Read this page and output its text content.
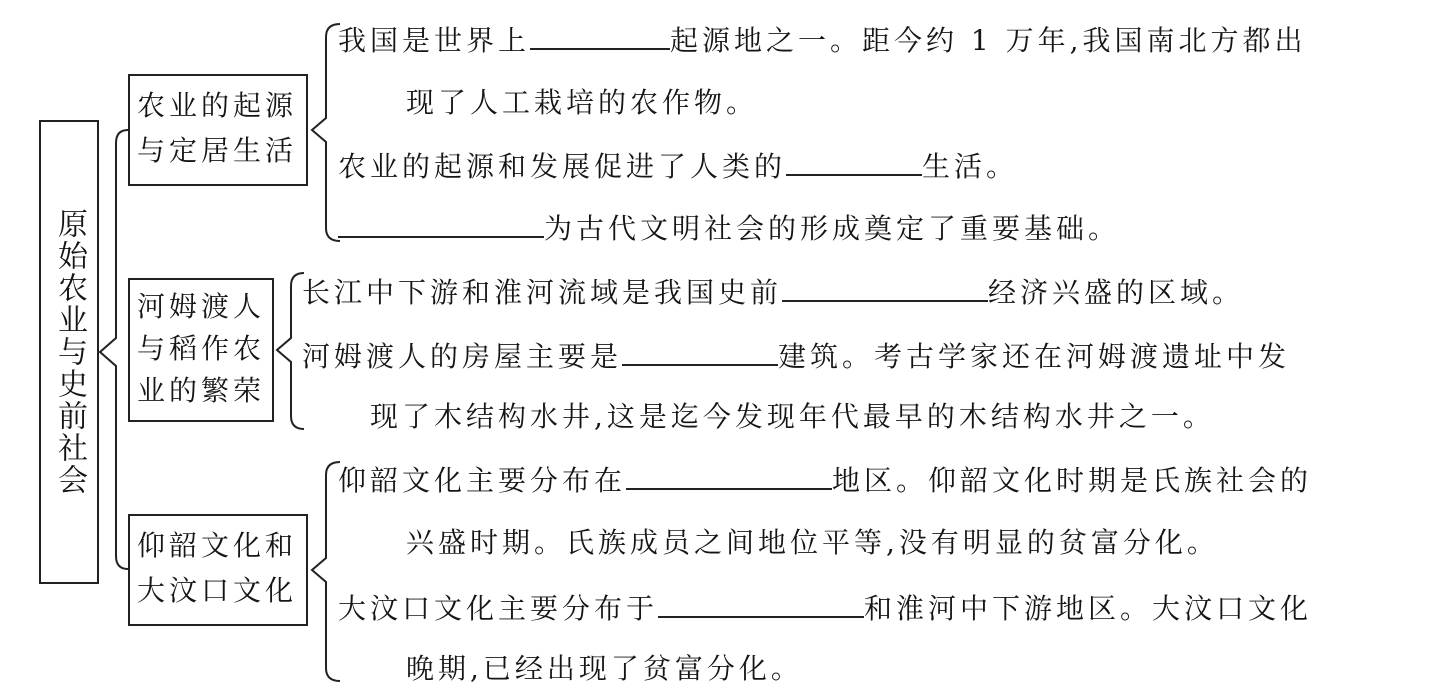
原始农业与史前社会
农业的起源
与定居生活
河姆渡人
与稻作农
业的繁荣
仰韶文化和
大汶口文化
我国是世界上	起源地之一。距今约 1 万年,我国南北方都出
现了人工栽培的农作物。
农业的起源和发展促进了人类的	生活。
为古代文明社会的形成奠定了重要基础。
长江中下游和淮河流域是我国史前	经济兴盛的区域。
河姆渡人的房屋主要是	建筑。考古学家还在河姆渡遗址中发
现了木结构水井,这是迄今发现年代最早的木结构水井之一。
仰韶文化主要分布在	地区。仰韶文化时期是氏族社会的
兴盛时期。氏族成员之间地位平等,没有明显的贫富分化。
大汶口文化主要分布于	和淮河中下游地区。大汶口文化
晚期,已经出现了贫富分化。
